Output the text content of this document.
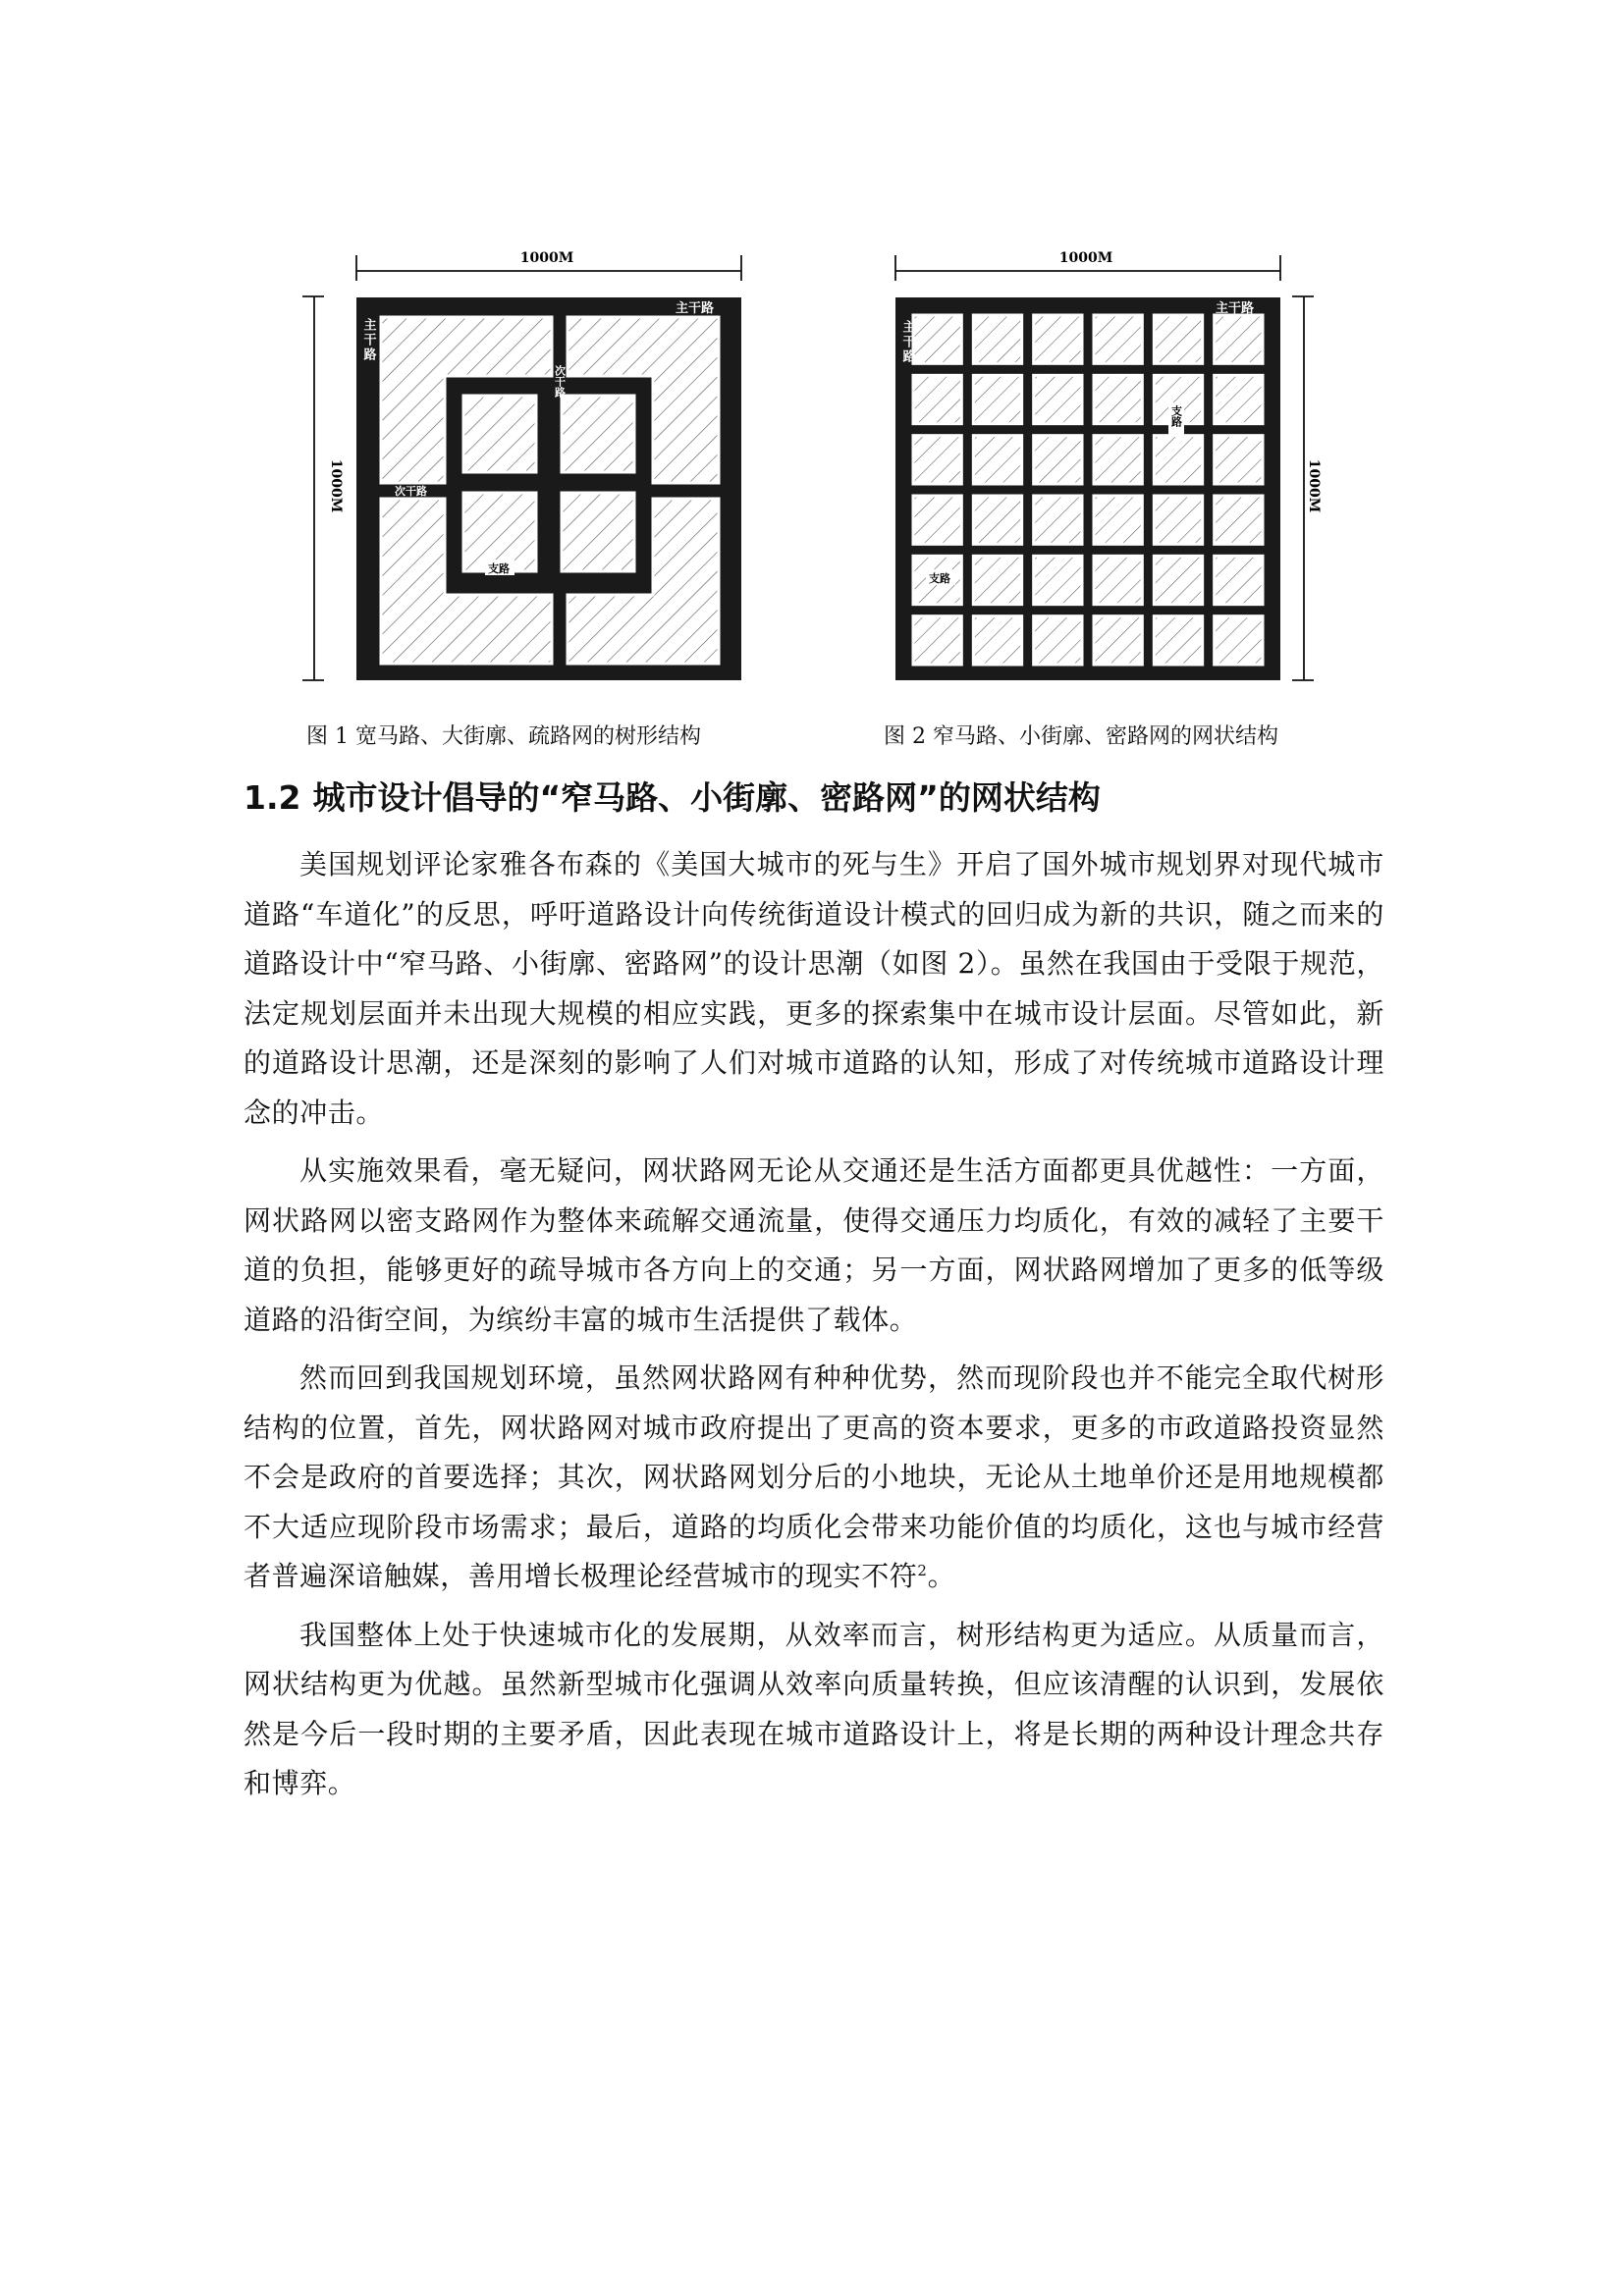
1000M
1000M
主干路
主干路
次干路
次干路
支路
图 1 宽马路、大街廓、疏路网的树形结构
1000M
1000M
主干路
主干路
支路
支路
图 2 窄马路、小街廓、密路网的网状结构
1.2 城市设计倡导的“窄马路、小街廓、密路网”的网状结构

美国规划评论家雅各布森的《美国大城市的死与生》开启了国外城市规划界对现代城市道路“车道化”的反思，呼吁道路设计向传统街道设计模式的回归成为新的共识，随之而来的道路设计中“窄马路、小街廓、密路网”的设计思潮（如图 2）。虽然在我国由于受限于规范，法定规划层面并未出现大规模的相应实践，更多的探索集中在城市设计层面。尽管如此，新的道路设计思潮，还是深刻的影响了人们对城市道路的认知，形成了对传统城市道路设计理念的冲击。

从实施效果看，毫无疑问，网状路网无论从交通还是生活方面都更具优越性：一方面，网状路网以密支路网作为整体来疏解交通流量，使得交通压力均质化，有效的减轻了主要干道的负担，能够更好的疏导城市各方向上的交通；另一方面，网状路网增加了更多的低等级道路的沿街空间，为缤纷丰富的城市生活提供了载体。

然而回到我国规划环境，虽然网状路网有种种优势，然而现阶段也并不能完全取代树形结构的位置，首先，网状路网对城市政府提出了更高的资本要求，更多的市政道路投资显然不会是政府的首要选择；其次，网状路网划分后的小地块，无论从土地单价还是用地规模都不大适应现阶段市场需求；最后，道路的均质化会带来功能价值的均质化，这也与城市经营者普遍深谙触媒，善用增长极理论经营城市的现实不符$^2$。

我国整体上处于快速城市化的发展期，从效率而言，树形结构更为适应。从质量而言，网状结构更为优越。虽然新型城市化强调从效率向质量转换，但应该清醒的认识到，发展依然是今后一段时期的主要矛盾，因此表现在城市道路设计上，将是长期的两种设计理念共存和博弈。
